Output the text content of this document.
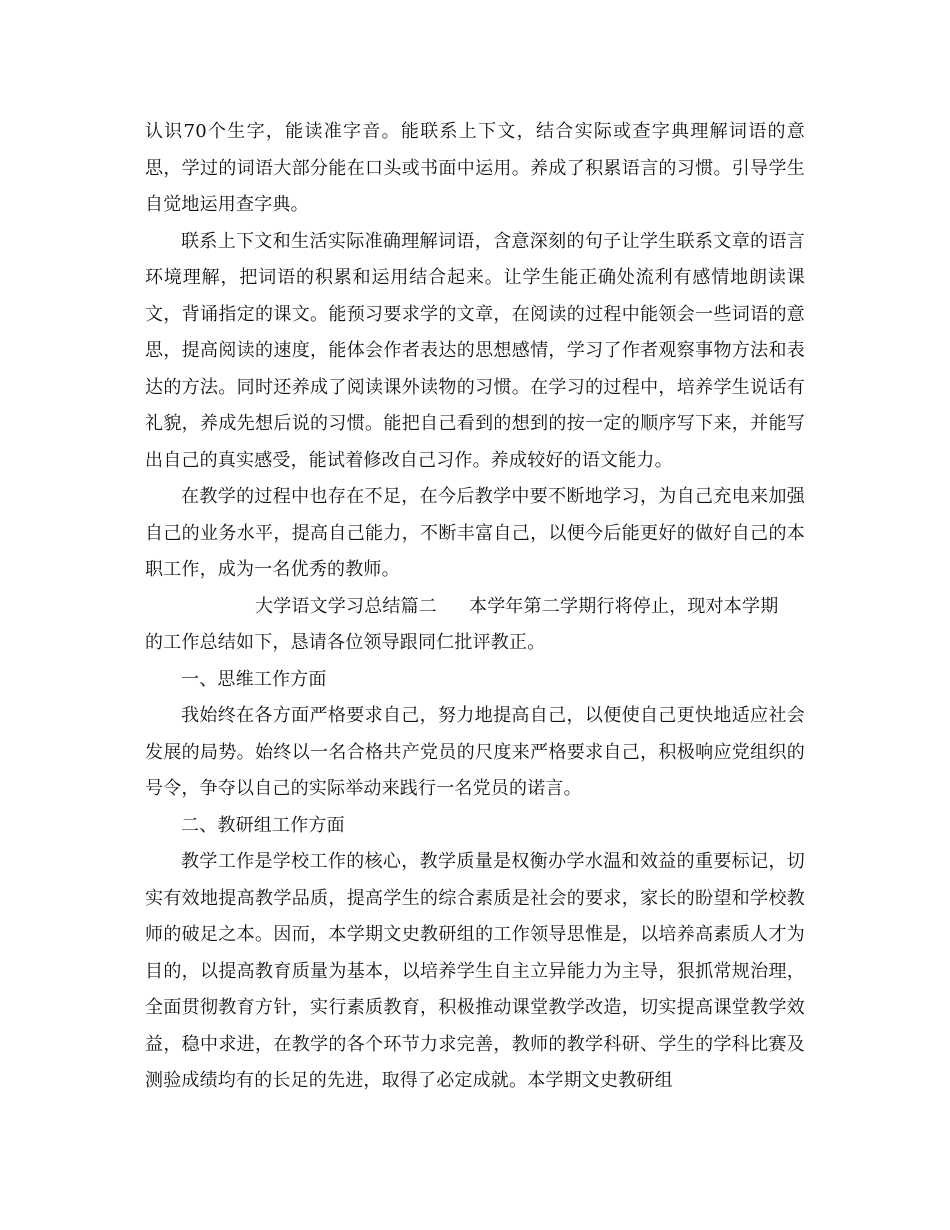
认识70个生字，能读准字音。能联系上下文，结合实际或查字典理解词语的意思，学过的词语大部分能在口头或书面中运用。养成了积累语言的习惯。引导学生自觉地运用查字典。

联系上下文和生活实际准确理解词语，含意深刻的句子让学生联系文章的语言环境理解，把词语的积累和运用结合起来。让学生能正确处流利有感情地朗读课文，背诵指定的课文。能预习要求学的文章，在阅读的过程中能领会一些词语的意思，提高阅读的速度，能体会作者表达的思想感情，学习了作者观察事物方法和表达的方法。同时还养成了阅读课外读物的习惯。在学习的过程中，培养学生说话有礼貌，养成先想后说的习惯。能把自己看到的想到的按一定的顺序写下来，并能写出自己的真实感受，能试着修改自己习作。养成较好的语文能力。

在教学的过程中也存在不足，在今后教学中要不断地学习，为自己充电来加强自己的业务水平，提高自己能力，不断丰富自己，以便今后能更好的做好自己的本职工作，成为一名优秀的教师。

大学语文学习总结篇二 本学年第二学期行将停止，现对本学期

的工作总结如下，恳请各位领导跟同仁批评教正。

一、思维工作方面

我始终在各方面严格要求自己，努力地提高自己，以便使自己更快地适应社会发展的局势。始终以一名合格共产党员的尺度来严格要求自己，积极响应党组织的号令，争夺以自己的实际举动来践行一名党员的诺言。

二、教研组工作方面

教学工作是学校工作的核心，教学质量是权衡办学水温和效益的重要标记，切实有效地提高教学品质，提高学生的综合素质是社会的要求，家长的盼望和学校教师的破足之本。因而，本学期文史教研组的工作领导思惟是，以培养高素质人才为目的，以提高教育质量为基本，以培养学生自主立异能力为主导，狠抓常规治理，全面贯彻教育方针，实行素质教育，积极推动课堂教学改造，切实提高课堂教学效益，稳中求进，在教学的各个环节力求完善，教师的教学科研、学生的学科比赛及测验成绩均有的长足的先进，取得了必定成就。本学期文史教研组
